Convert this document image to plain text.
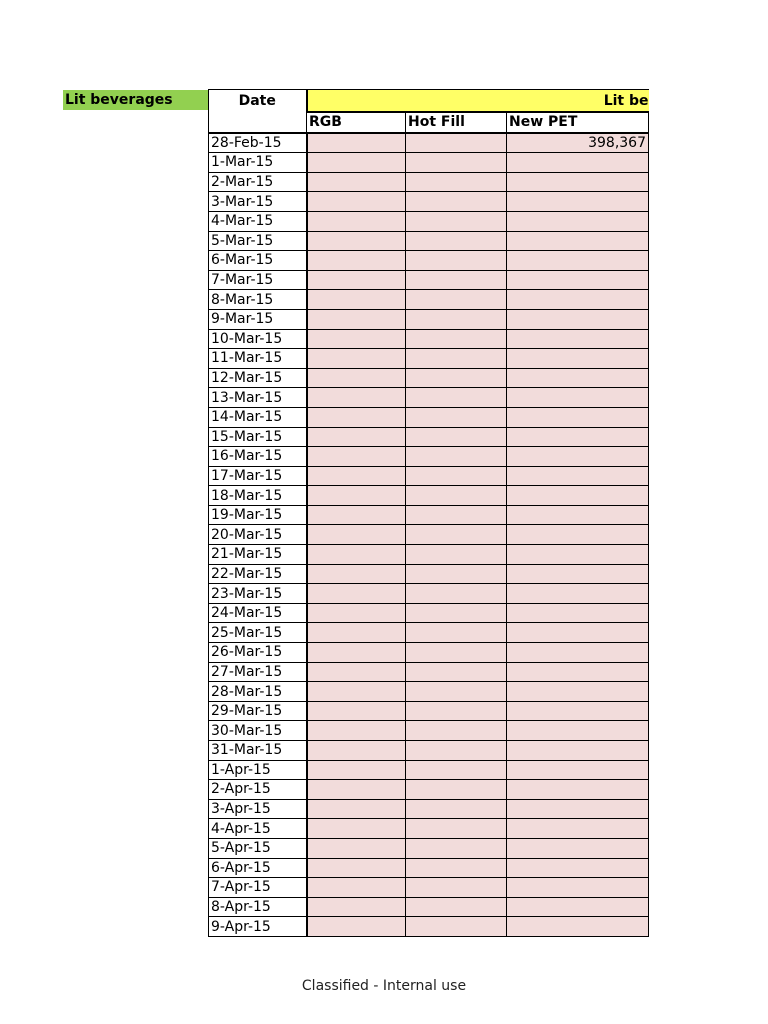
Lit beverages	Date	Lit be		
	RGB	Hot Fill	New PET
28-Feb-15			398,367
1-Mar-15			
2-Mar-15			
3-Mar-15			
4-Mar-15			
5-Mar-15			
6-Mar-15			
7-Mar-15			
8-Mar-15			
9-Mar-15			
10-Mar-15			
11-Mar-15			
12-Mar-15			
13-Mar-15			
14-Mar-15			
15-Mar-15			
16-Mar-15			
17-Mar-15			
18-Mar-15			
19-Mar-15			
20-Mar-15			
21-Mar-15			
22-Mar-15			
23-Mar-15			
24-Mar-15			
25-Mar-15			
26-Mar-15			
27-Mar-15			
28-Mar-15			
29-Mar-15			
30-Mar-15			
31-Mar-15			
1-Apr-15			
2-Apr-15			
3-Apr-15			
4-Apr-15			
5-Apr-15			
6-Apr-15			
7-Apr-15			
8-Apr-15			
9-Apr-15			
Classified - Internal use
